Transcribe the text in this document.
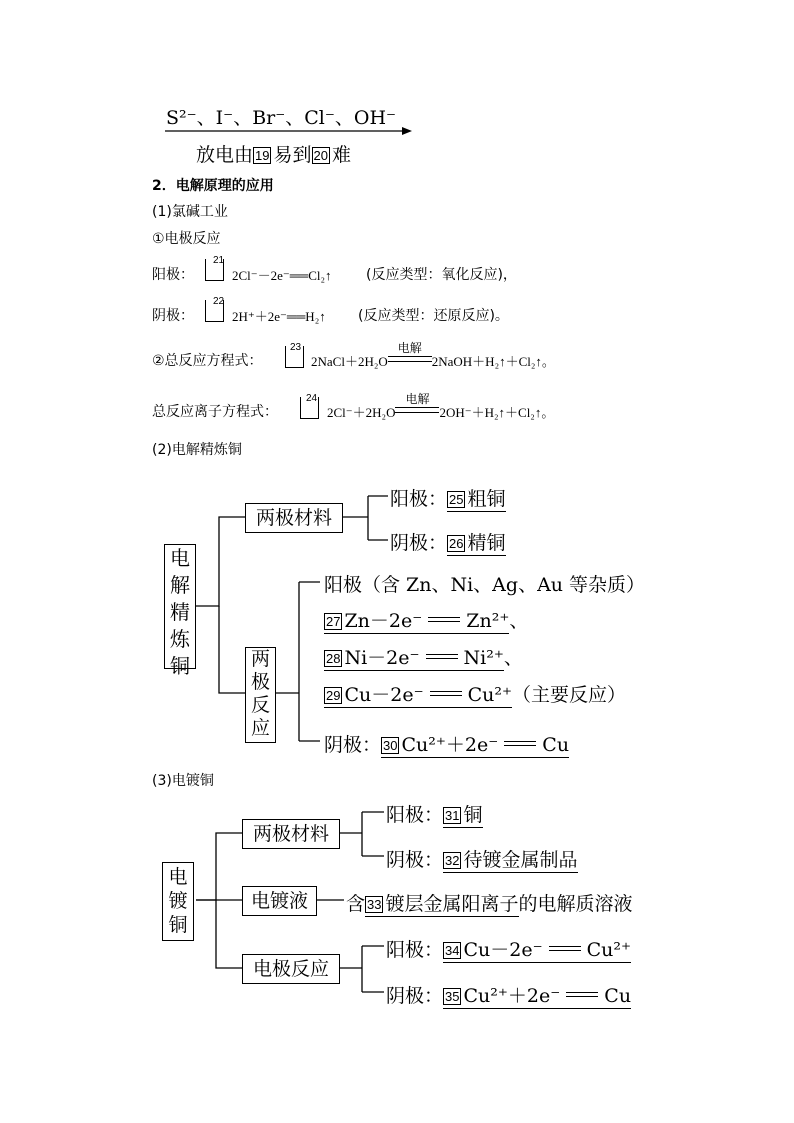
S²⁻、I⁻、Br⁻、Cl⁻、OH⁻
放电由 19 易到 20 难
2．电解原理的应用
(1)氯碱工业
①电极反应
阳极：
21
2Cl⁻－2e⁻══Cl₂↑ (反应类型：氧化反应)，
阴极：
22
2H⁺＋2e⁻══H₂↑ (反应类型：还原反应)。
②总反应方程式：
23
2NaCl＋2H₂O
电解
2NaOH＋H₂↑＋Cl₂↑。
总反应离子方程式：
24
2Cl⁻＋2H₂O
电解
2OH⁻＋H₂↑＋Cl₂↑。
(2)电解精炼铜
电
解
精
炼
铜
两极材料
阳极： 25 粗铜
阴极： 26 精铜
两
极
反
应
阳极（含 Zn、Ni、Ag、Au 等杂质）
27 Zn－2e⁻ Zn²⁺、
28 Ni－2e⁻ Ni²⁺、
29 Cu－2e⁻ Cu²⁺（主要反应）
阴极： 30 Cu²⁺＋2e⁻ Cu
(3)电镀铜
电
镀
铜
两极材料
电镀液
电极反应
阳极： 31 铜
阴极： 32 待镀金属制品
含 33 镀层金属阳离子的电解质溶液
阳极： 34 Cu－2e⁻ Cu²⁺
阴极： 35 Cu²⁺＋2e⁻ Cu
